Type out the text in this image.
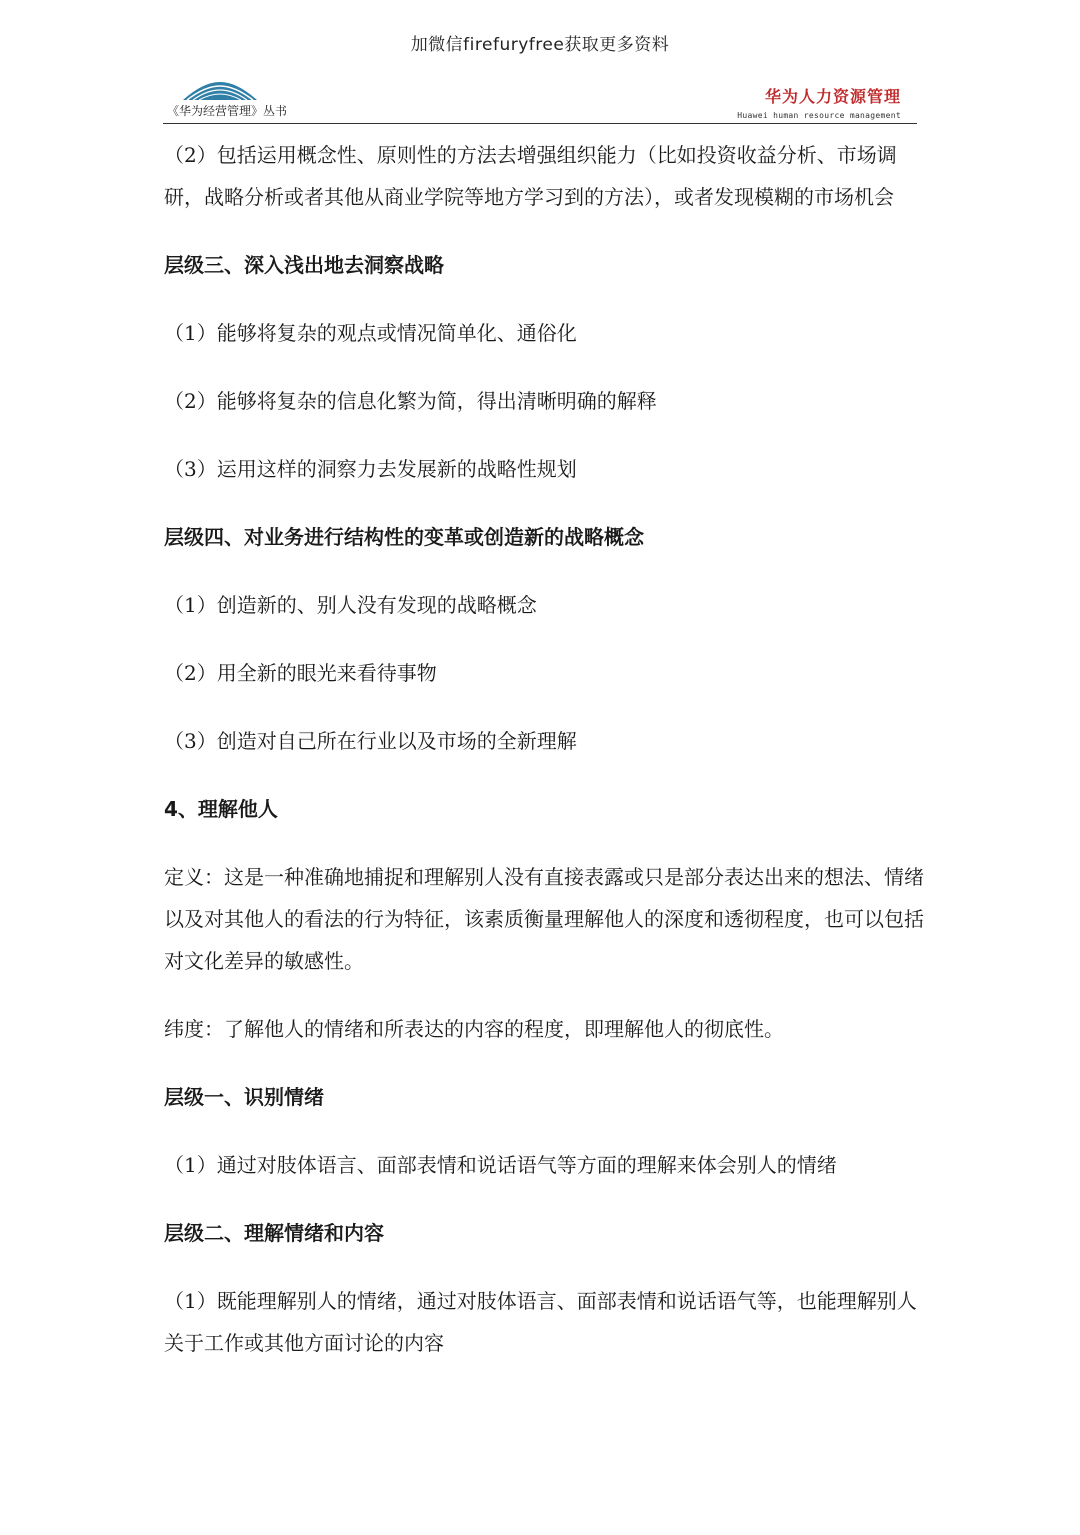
加微信firefuryfree获取更多资料
《华为经营管理》丛书
华为人力资源管理
Huawei human resource management

（2）包括运用概念性、原则性的方法去增强组织能力（比如投资收益分析、市场调研，战略分析或者其他从商业学院等地方学习到的方法），或者发现模糊的市场机会

层级三、深入浅出地去洞察战略

（1）能够将复杂的观点或情况简单化、通俗化

（2）能够将复杂的信息化繁为简，得出清晰明确的解释

（3）运用这样的洞察力去发展新的战略性规划

层级四、对业务进行结构性的变革或创造新的战略概念

（1）创造新的、别人没有发现的战略概念

（2）用全新的眼光来看待事物

（3）创造对自己所在行业以及市场的全新理解

4、理解他人

定义：这是一种准确地捕捉和理解别人没有直接表露或只是部分表达出来的想法、情绪以及对其他人的看法的行为特征，该素质衡量理解他人的深度和透彻程度，也可以包括对文化差异的敏感性。

纬度：了解他人的情绪和所表达的内容的程度，即理解他人的彻底性。

层级一、识别情绪

（1）通过对肢体语言、面部表情和说话语气等方面的理解来体会别人的情绪

层级二、理解情绪和内容

（1）既能理解别人的情绪，通过对肢体语言、面部表情和说话语气等，也能理解别人关于工作或其他方面讨论的内容
